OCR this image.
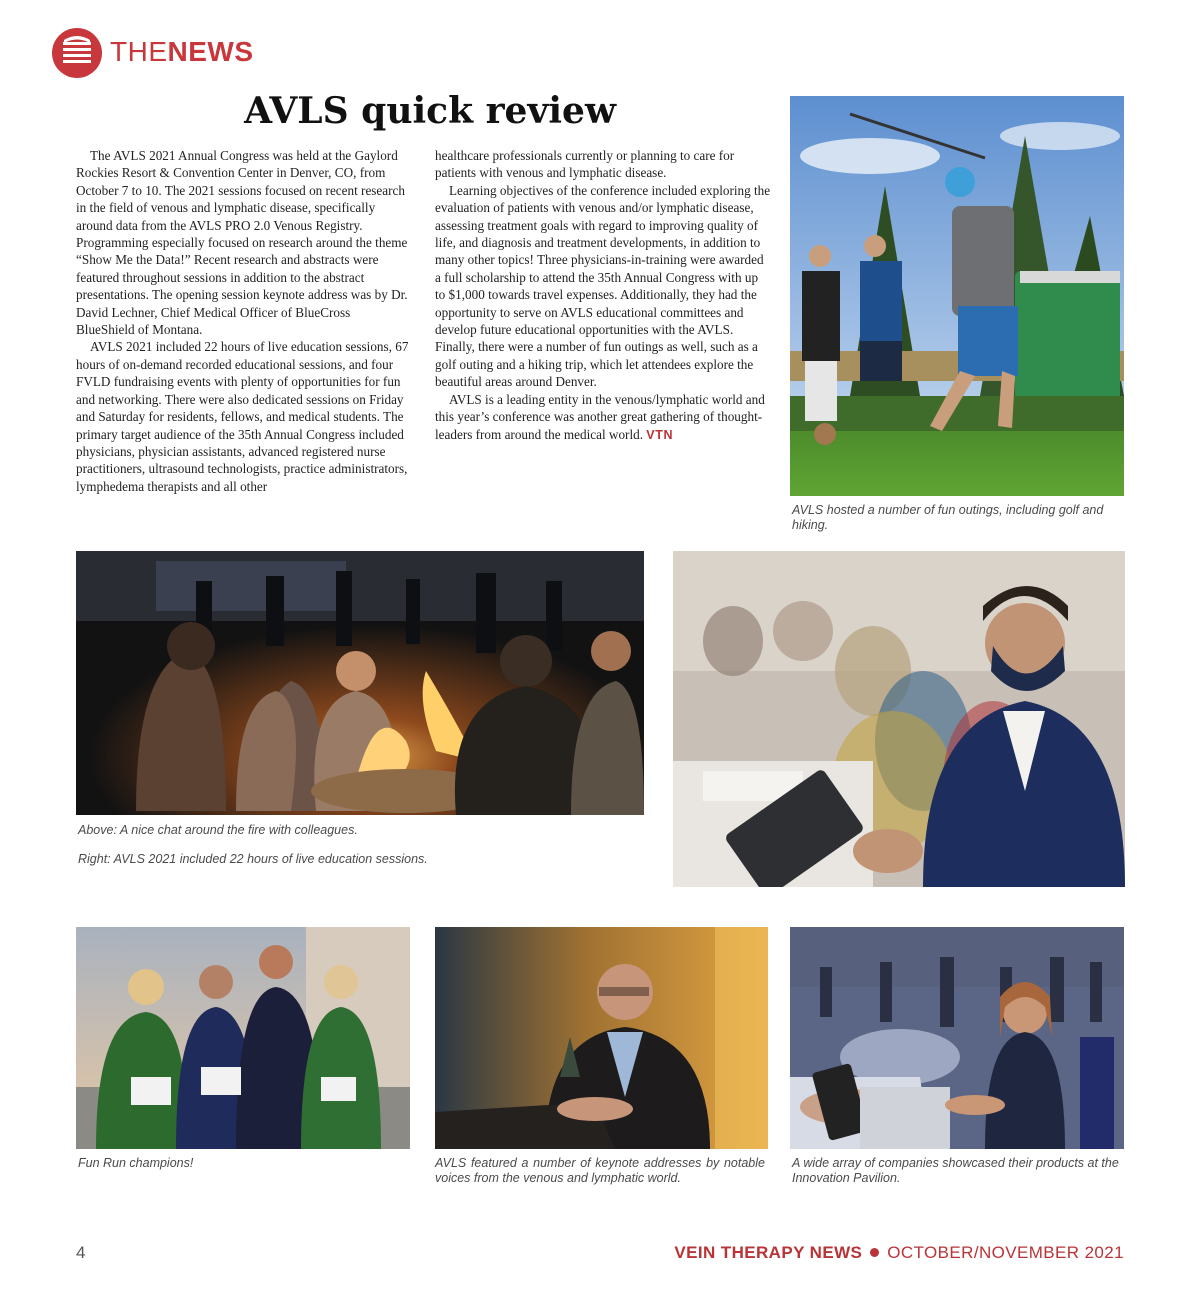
THENEWS
AVLS quick review

The AVLS 2021 Annual Congress was held at the Gaylord Rockies Resort & Convention Center in Denver, CO, from October 7 to 10. The 2021 sessions focused on recent research in the field of venous and lymphatic disease, specifically around data from the AVLS PRO 2.0 Venous Registry. Programming especially focused on research around the theme “Show Me the Data!” Recent research and abstracts were featured throughout sessions in addition to the abstract presentations. The opening session keynote address was by Dr. David Lechner, Chief Medical Officer of BlueCross BlueShield of Montana.

AVLS 2021 included 22 hours of live education sessions, 67 hours of on-demand recorded educational sessions, and four FVLD fundraising events with plenty of opportunities for fun and networking. There were also dedicated sessions on Friday and Saturday for residents, fellows, and medical students. The primary target audience of the 35th Annual Congress included physicians, physician assistants, advanced registered nurse practitioners, ultrasound technologists, practice administrators, lymphedema therapists and all other

healthcare professionals currently or planning to care for patients with venous and lymphatic disease.

Learning objectives of the conference included exploring the evaluation of patients with venous and/or lymphatic disease, assessing treatment goals with regard to improving quality of life, and diagnosis and treatment developments, in addition to many other topics! Three physicians-in-training were awarded a full scholarship to attend the 35th Annual Congress with up to $1,000 towards travel expenses. Additionally, they had the opportunity to serve on AVLS educational committees and develop future educational opportunities with the AVLS. Finally, there were a number of fun outings as well, such as a golf outing and a hiking trip, which let attendees explore the beautiful areas around Denver.

AVLS is a leading entity in the venous/lymphatic world and this year’s conference was another great gathering of thought-leaders from around the medical world. VTN

AVLS hosted a number of fun outings, including golf and hiking.
Above: A nice chat around the fire with colleagues.
Right: AVLS 2021 included 22 hours of live education sessions.
Fun Run champions!	AVLS featured a number of keynote addresses by notable voices from the venous and lymphatic world.
A wide array of companies showcased their products at the Innovation Pavilion.
4	VEIN THERAPY NEWS OCTOBER/NOVEMBER 2021
